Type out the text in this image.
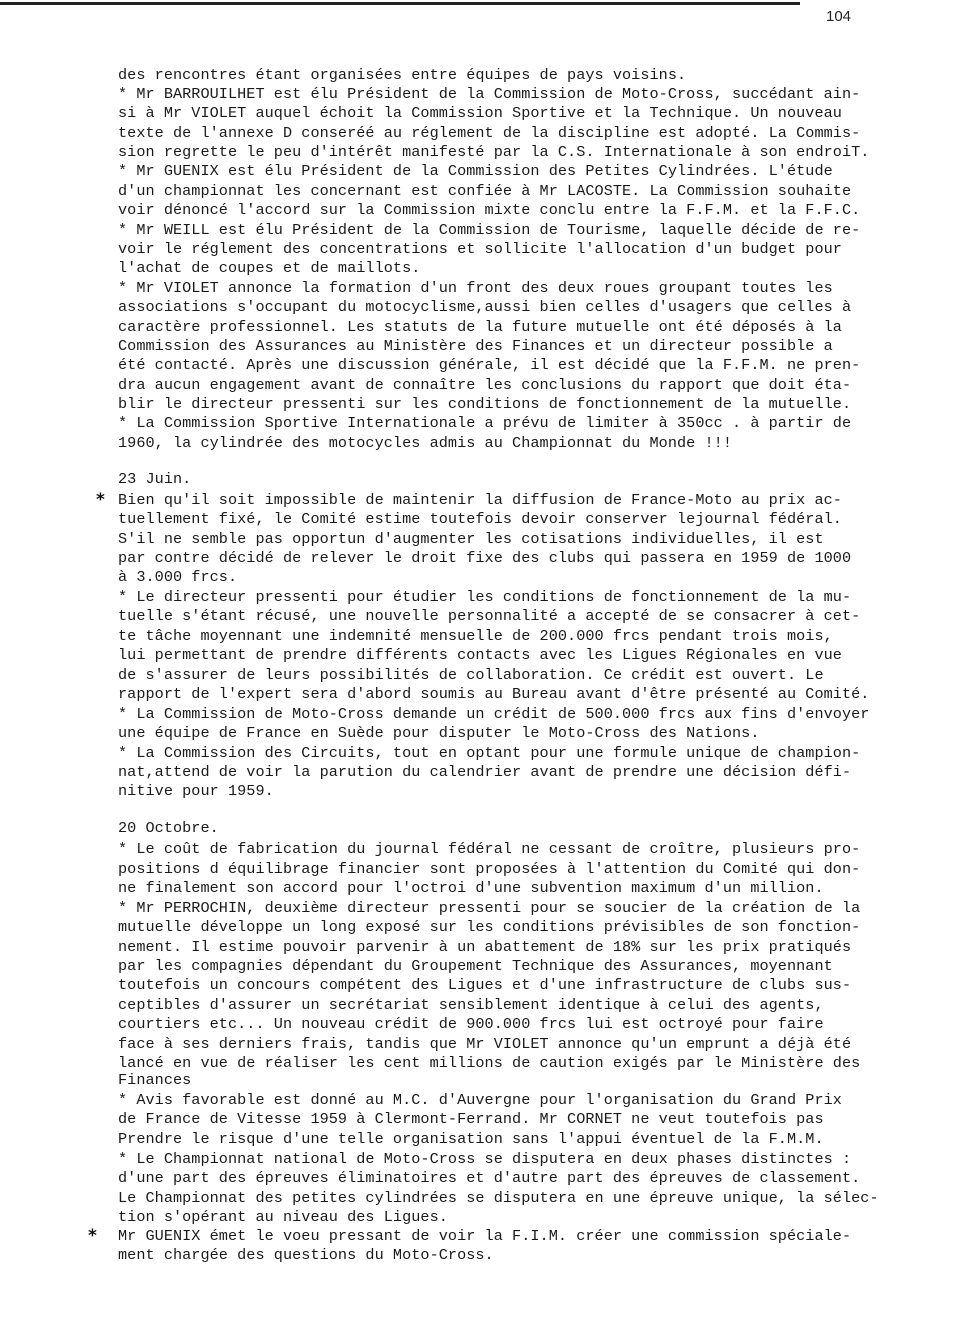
104
des rencontres étant organisées entre équipes de pays voisins.
* Mr BARROUILHET est élu Président de la Commission de Moto-Cross, succédant ain-
si à Mr VIOLET auquel échoit la Commission Sportive et la Technique. Un nouveau
texte de l'annexe D conseréé au réglement de la discipline est adopté. La Commis-
sion regrette le peu d'intérêt manifesté par la C.S. Internationale à son endroiT.
* Mr GUENIX est élu Président de la Commission des Petites Cylindrées. L'étude
d'un championnat les concernant est confiée à Mr LACOSTE. La Commission souhaite
voir dénoncé l'accord sur la Commission mixte conclu entre la F.F.M. et la F.F.C.
* Mr WEILL est élu Président de la Commission de Tourisme, laquelle décide de re-
voir le réglement des concentrations et sollicite l'allocation d'un budget pour
l'achat de coupes et de maillots.
* Mr VIOLET annonce la formation d'un front des deux roues groupant toutes les
associations s'occupant du motocyclisme,aussi bien celles d'usagers que celles à
caractère professionnel. Les statuts de la future mutuelle ont été déposés à la
Commission des Assurances au Ministère des Finances et un directeur possible a
été contacté. Après une discussion générale, il est décidé que la F.F.M. ne pren-
dra aucun engagement avant de connaître les conclusions du rapport que doit éta-
blir le directeur pressenti sur les conditions de fonctionnement de la mutuelle.
* La Commission Sportive Internationale a prévu de limiter à 350cc . à partir de
1960, la cylindrée des motocycles admis au Championnat du Monde !!!
23 Juin.
Bien qu'il soit impossible de maintenir la diffusion de France-Moto au prix ac-
tuellement fixé, le Comité estime toutefois devoir conserver lejournal fédéral.
S'il ne semble pas opportun d'augmenter les cotisations individuelles, il est
par contre décidé de relever le droit fixe des clubs qui passera en 1959 de 1000
à 3.000 frcs.
* Le directeur pressenti pour étudier les conditions de fonctionnement de la mu-
tuelle s'étant récusé, une nouvelle personnalité a accepté de se consacrer à cet-
te tâche moyennant une indemnité mensuelle de 200.000 frcs pendant trois mois,
lui permettant de prendre différents contacts avec les Ligues Régionales en vue
de s'assurer de leurs possibilités de collaboration. Ce crédit est ouvert. Le
rapport de l'expert sera d'abord soumis au Bureau avant d'être présenté au Comité.
* La Commission de Moto-Cross demande un crédit de 500.000 frcs aux fins d'envoyer
une équipe de France en Suède pour disputer le Moto-Cross des Nations.
* La Commission des Circuits, tout en optant pour une formule unique de champion-
nat,attend de voir la parution du calendrier avant de prendre une décision défi-
nitive pour 1959.
20 Octobre.
* Le coût de fabrication du journal fédéral ne cessant de croître, plusieurs pro-
positions d équilibrage financier sont proposées à l'attention du Comité qui don-
ne finalement son accord pour l'octroi d'une subvention maximum d'un million.
* Mr PERROCHIN, deuxième directeur pressenti pour se soucier de la création de la
mutuelle développe un long exposé sur les conditions prévisibles de son fonction-
nement. Il estime pouvoir parvenir à un abattement de 18% sur les prix pratiqués
par les compagnies dépendant du Groupement Technique des Assurances, moyennant
toutefois un concours compétent des Ligues et d'une infrastructure de clubs sus-
ceptibles d'assurer un secrétariat sensiblement identique à celui des agents,
courtiers etc... Un nouveau crédit de 900.000 frcs lui est octroyé pour faire
face à ses derniers frais, tandis que Mr VIOLET annonce qu'un emprunt a déjà été
lancé en vue de réaliser les cent millions de caution exigés par le Ministère des
Finances
* Avis favorable est donné au M.C. d'Auvergne pour l'organisation du Grand Prix
de France de Vitesse 1959 à Clermont-Ferrand. Mr CORNET ne veut toutefois pas
Prendre le risque d'une telle organisation sans l'appui éventuel de la F.M.M.
* Le Championnat national de Moto-Cross se disputera en deux phases distinctes :
d'une part des épreuves éliminatoires et d'autre part des épreuves de classement.
Le Championnat des petites cylindrées se disputera en une épreuve unique, la sélec-
tion s'opérant au niveau des Ligues.
Mr GUENIX émet le voeu pressant de voir la F.I.M. créer une commission spéciale-
ment chargée des questions du Moto-Cross.
*
*
